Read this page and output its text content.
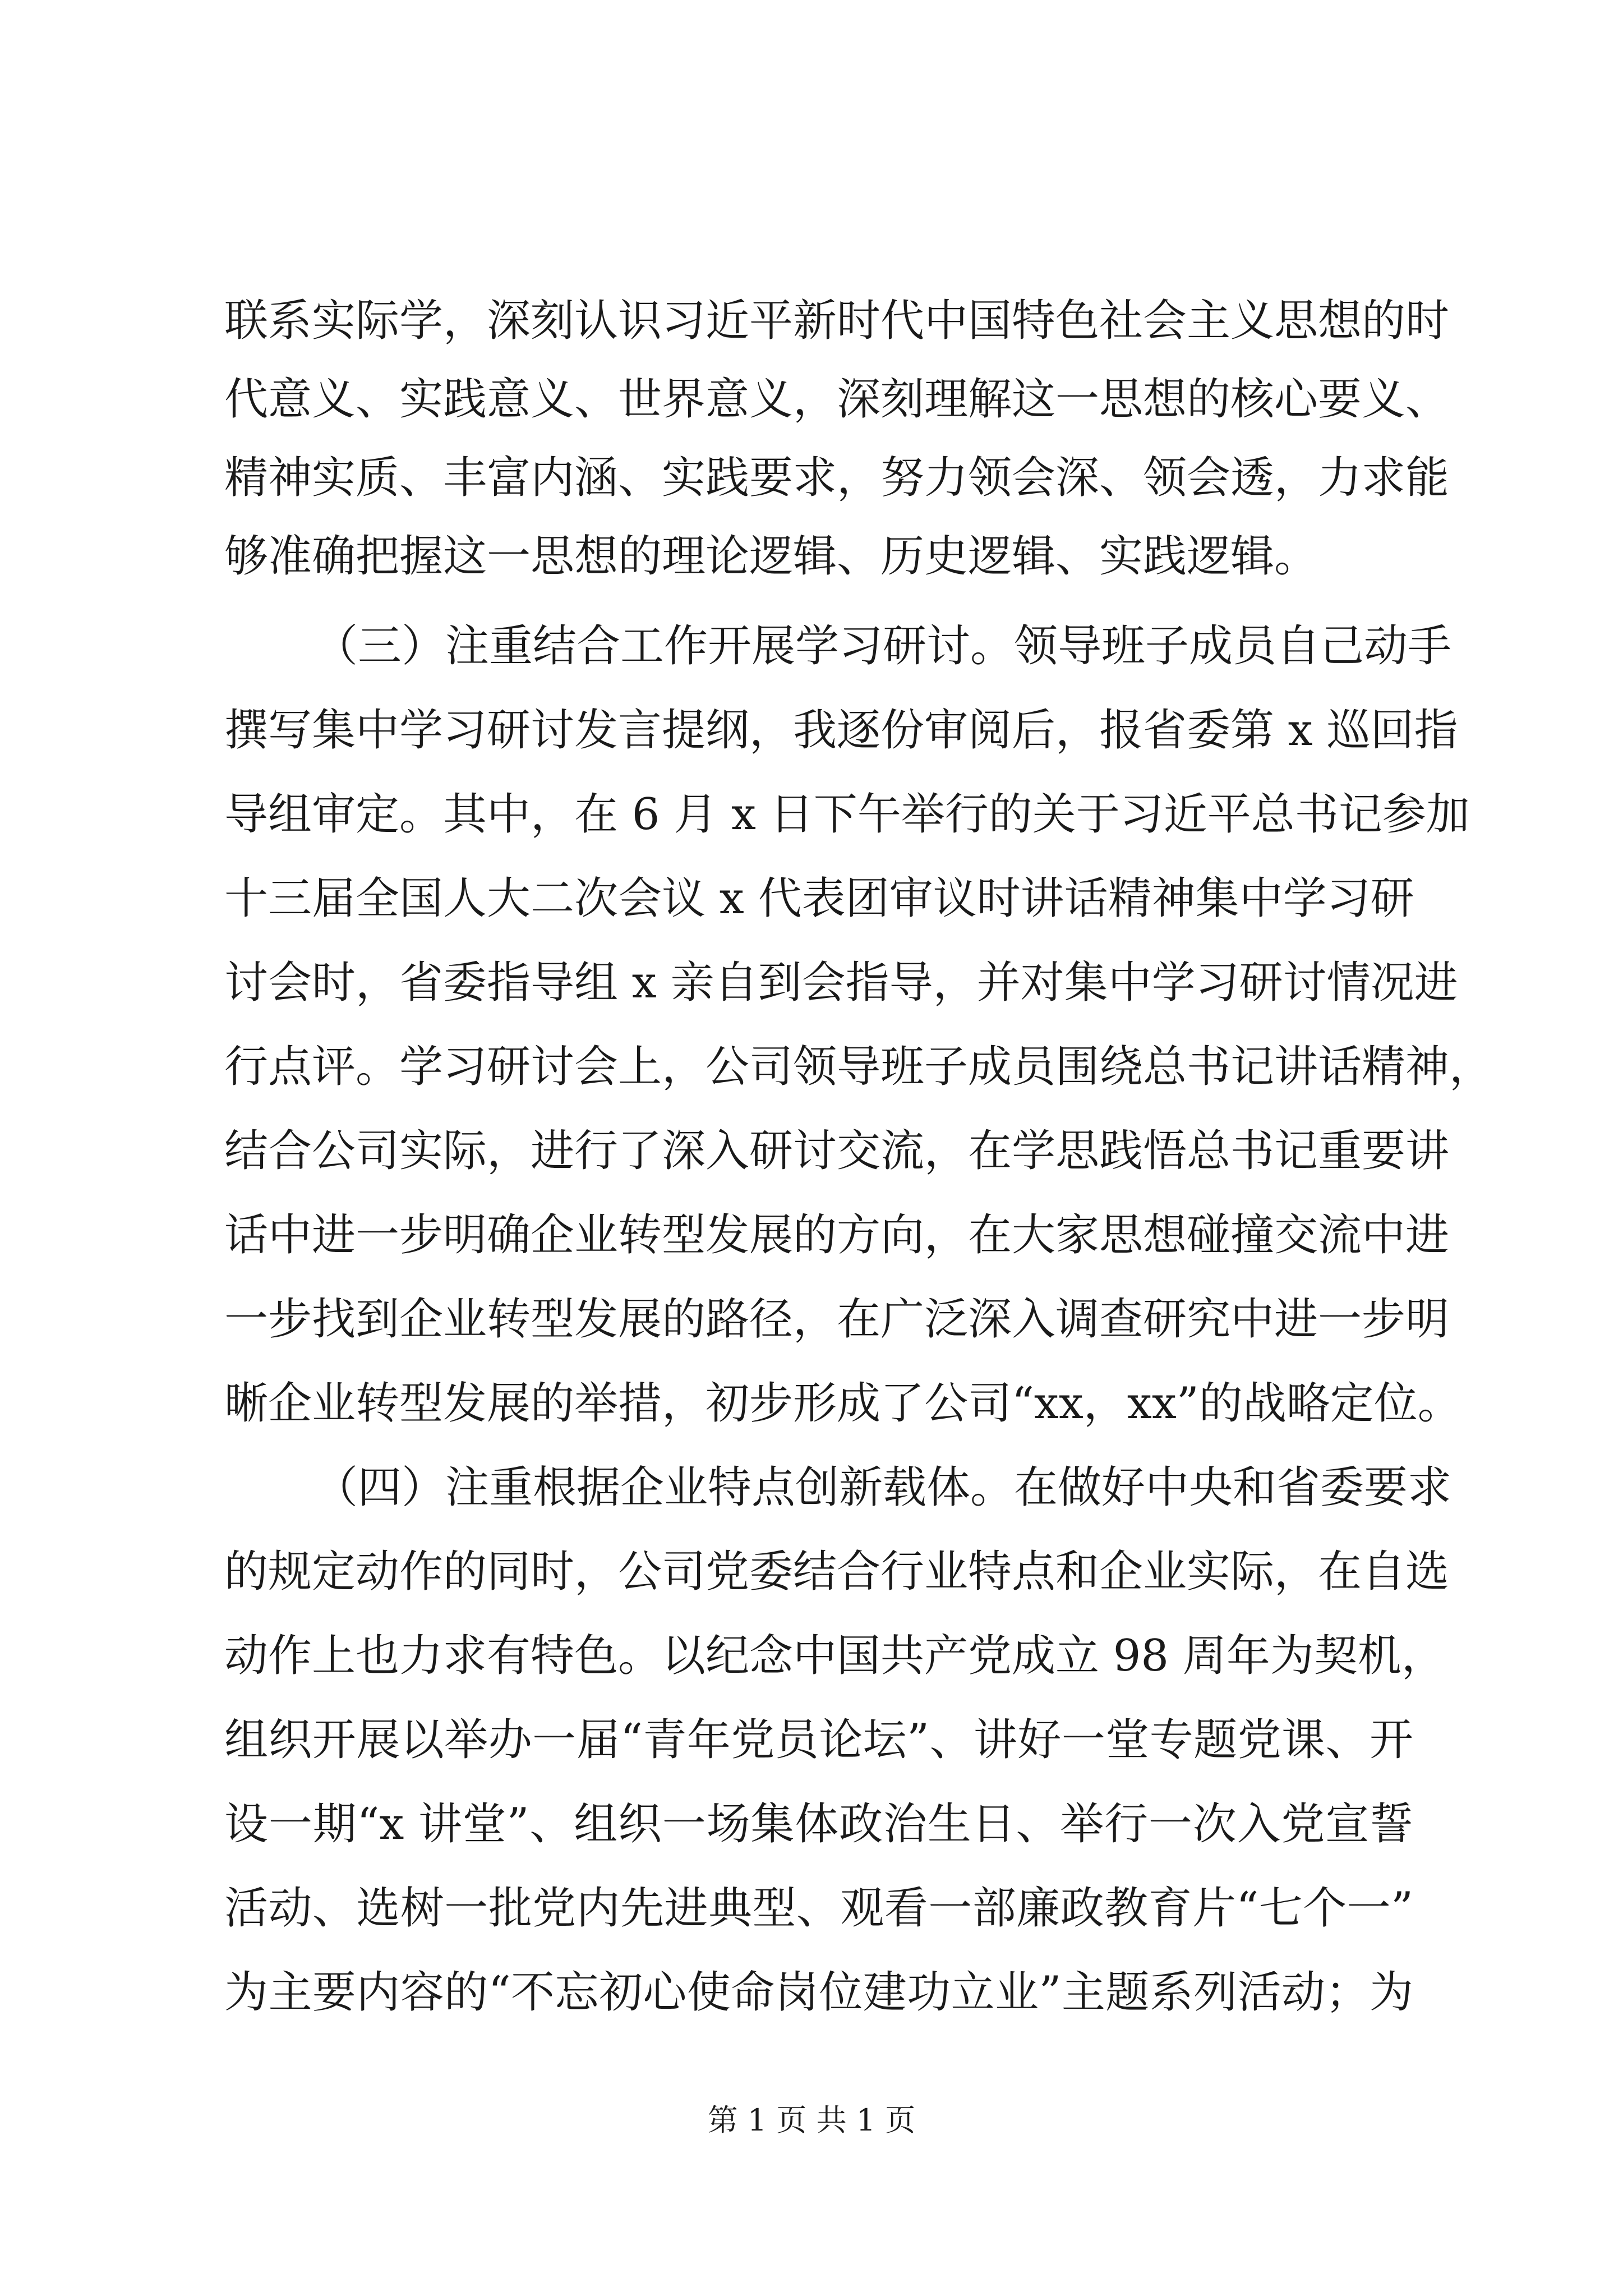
联系实际学，深刻认识习近平新时代中国特色社会主义思想的时
代意义、实践意义、世界意义，深刻理解这一思想的核心要义、
精神实质、丰富内涵、实践要求，努力领会深、领会透，力求能
够准确把握这一思想的理论逻辑、历史逻辑、实践逻辑。
（三）注重结合工作开展学习研讨。领导班子成员自己动手
撰写集中学习研讨发言提纲，我逐份审阅后，报省委第 x 巡回指
导组审定。其中，在 6 月 x 日下午举行的关于习近平总书记参加
十三届全国人大二次会议 x 代表团审议时讲话精神集中学习研
讨会时，省委指导组 x 亲自到会指导，并对集中学习研讨情况进
行点评。学习研讨会上，公司领导班子成员围绕总书记讲话精神，
结合公司实际，进行了深入研讨交流，在学思践悟总书记重要讲
话中进一步明确企业转型发展的方向，在大家思想碰撞交流中进
一步找到企业转型发展的路径，在广泛深入调查研究中进一步明
晰企业转型发展的举措，初步形成了公司“xx，xx”的战略定位。
（四）注重根据企业特点创新载体。在做好中央和省委要求
的规定动作的同时，公司党委结合行业特点和企业实际，在自选
动作上也力求有特色。以纪念中国共产党成立 98 周年为契机，
组织开展以举办一届“青年党员论坛”、讲好一堂专题党课、开
设一期“x 讲堂”、组织一场集体政治生日、举行一次入党宣誓
活动、选树一批党内先进典型、观看一部廉政教育片“七个一”
为主要内容的“不忘初心使命岗位建功立业”主题系列活动；为
第 1 页 共 1 页
